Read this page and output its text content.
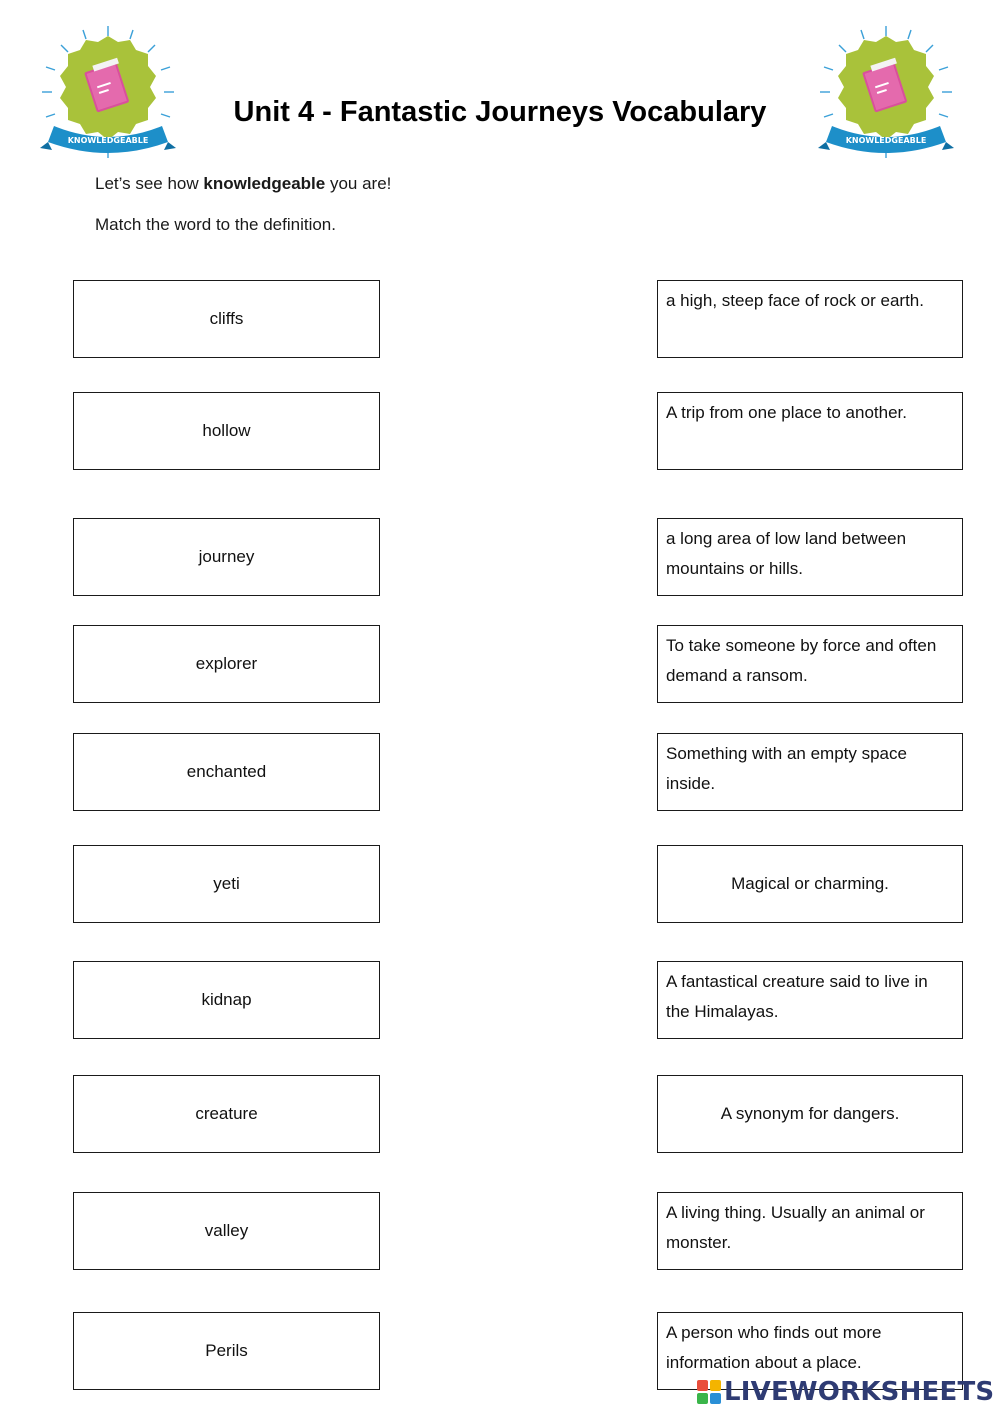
KNOWLEDGEABLE
Unit 4 - Fantastic Journeys Vocabulary
KNOWLEDGEABLE
Let’s see how knowledgeable you are!
Match the word to the definition.
cliffs
hollow
journey
explorer
enchanted
yeti
kidnap
creature
valley
Perils
a high, steep face of rock or earth.
A trip from one place to another.
a long area of low land between mountains or hills.
To take someone by force and often demand a ransom.
Something with an empty space inside.
Magical or charming.
A fantastical creature said to live in the Himalayas.
A synonym for dangers.
A living thing. Usually an animal or monster.
A person who finds out more information about a place.
LIVEWORKSHEETS
